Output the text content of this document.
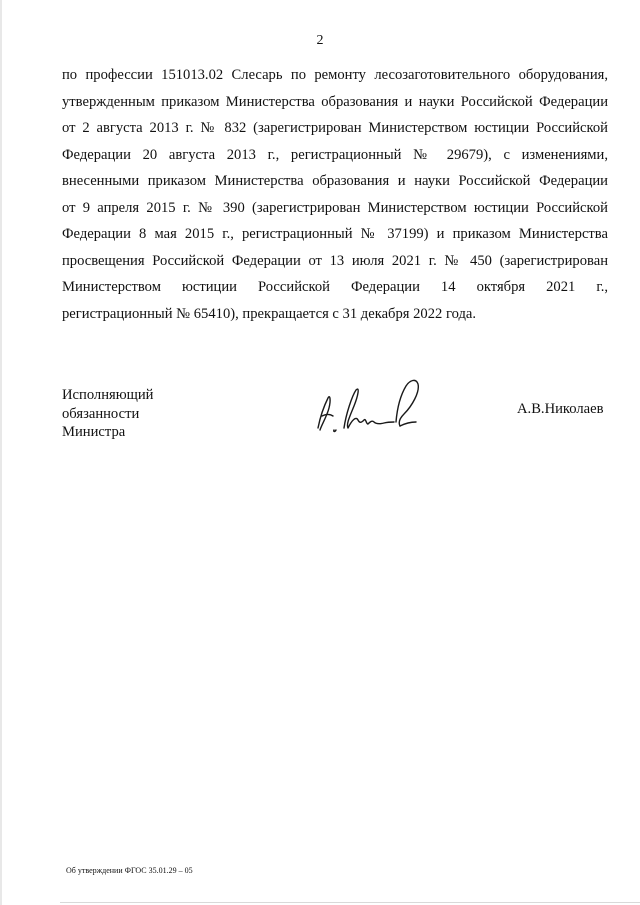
2
по профессии 151013.02 Слесарь по ремонту лесозаготовительного оборудования,
утвержденным приказом Министерства образования и науки Российской Федерации
от 2 августа 2013 г. № 832 (зарегистрирован Министерством юстиции Российской
Федерации 20 августа 2013 г., регистрационный № 29679), с изменениями,
внесенными приказом Министерства образования и науки Российской Федерации
от 9 апреля 2015 г. № 390 (зарегистрирован Министерством юстиции Российской
Федерации 8 мая 2015 г., регистрационный № 37199) и приказом Министерства
просвещения Российской Федерации от 13 июля 2021 г. № 450 (зарегистрирован
Министерством юстиции Российской Федерации 14 октября 2021 г.,
регистрационный № 65410), прекращается с 31 декабря 2022 года.
Исполняющий
обязанности
Министра
А.В.Николаев
Об утверждении ФГОС 35.01.29 – 05
